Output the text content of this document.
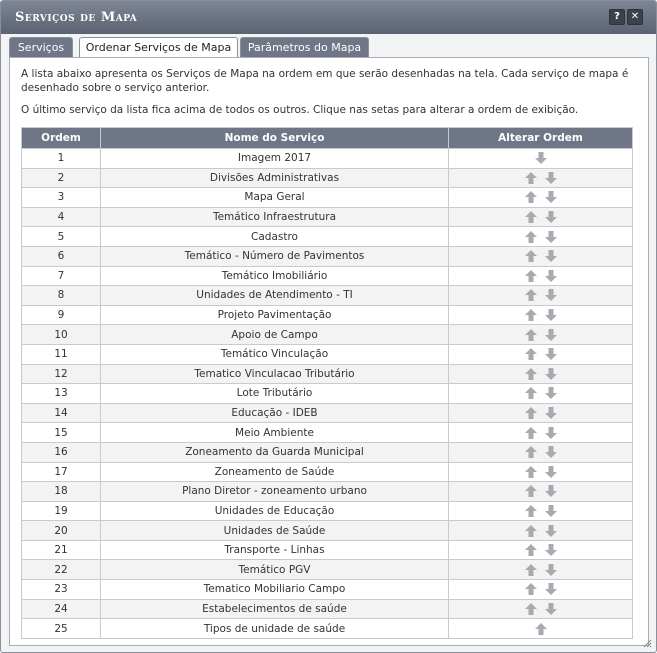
Serviços de Mapa	?	✕
Serviços	Ordenar Serviços de Mapa	Parâmetros do Mapa
A lista abaixo apresenta os Serviços de Mapa na ordem em que serão desenhadas na tela. Cada serviço de mapa é desenhado sobre o serviço anterior.
O último serviço da lista fica acima de todos os outros. Clique nas setas para alterar a ordem de exibição.
Ordem	Nome do Serviço	Alterar Ordem
1	Imagem 2017	

2	Divisões Administrativas	

3	Mapa Geral	

4	Temático Infraestrutura	

5	Cadastro	

6	Temático - Número de Pavimentos	

7	Temático Imobiliário	

8	Unidades de Atendimento - TI	

9	Projeto Pavimentação	

10	Apoio de Campo	

11	Temático Vinculação	

12	Tematico Vinculacao Tributário	

13	Lote Tributário	

14	Educação - IDEB	

15	Meio Ambiente	

16	Zoneamento da Guarda Municipal	

17	Zoneamento de Saúde	

18	Plano Diretor - zoneamento urbano	

19	Unidades de Educação	

20	Unidades de Saúde	

21	Transporte - Linhas	

22	Temático PGV	

23	Tematico Mobiliario Campo	

24	Estabelecimentos de saúde	

25	Tipos de unidade de saúde	
